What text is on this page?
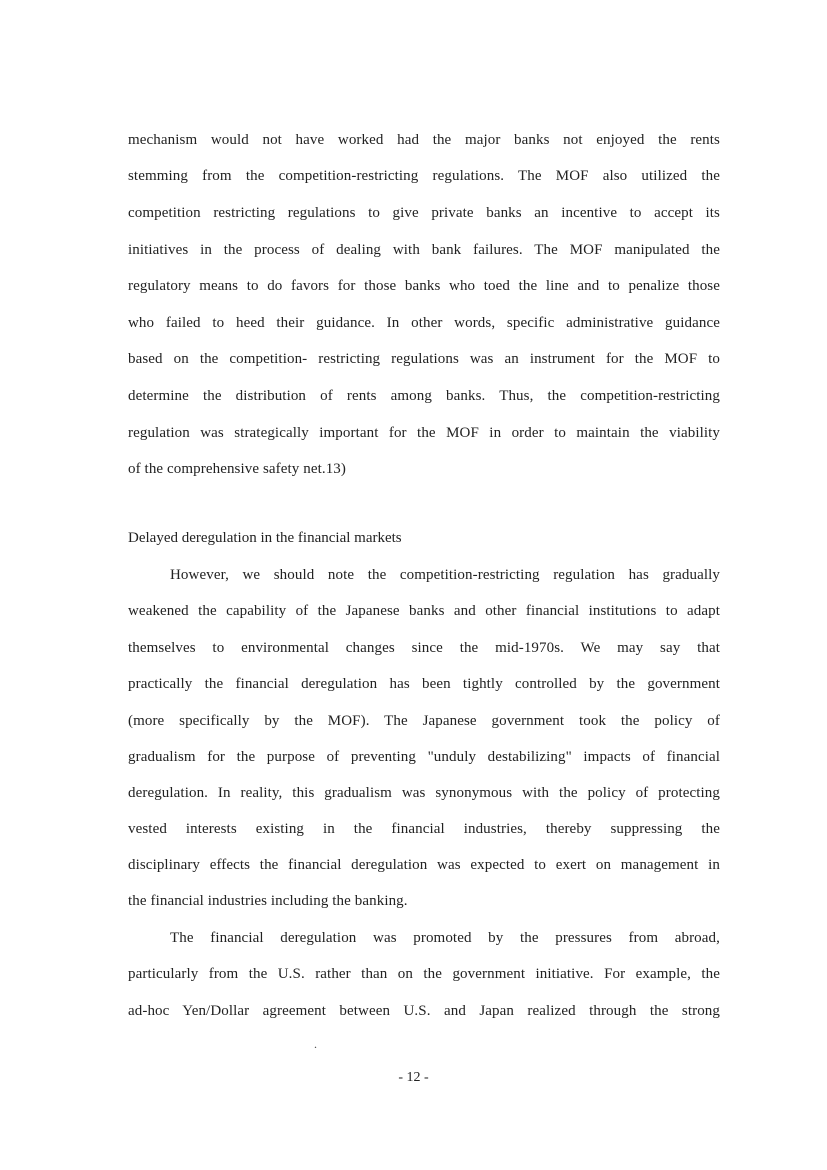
mechanism would not have worked had the major banks not enjoyed the rents
stemming from the competition-restricting regulations. The MOF also utilized the
competition restricting regulations to give private banks an incentive to accept its
initiatives in the process of dealing with bank failures. The MOF manipulated the
regulatory means to do favors for those banks who toed the line and to penalize those
who failed to heed their guidance. In other words, specific administrative guidance
based on the competition- restricting regulations was an instrument for the MOF to
determine the distribution of rents among banks. Thus, the competition-restricting
regulation was strategically important for the MOF in order to maintain the viability
of the comprehensive safety net.13)
Delayed deregulation in the financial markets
However, we should note the competition-restricting regulation has gradually
weakened the capability of the Japanese banks and other financial institutions to adapt
themselves to environmental changes since the mid-1970s. We may say that
practically the financial deregulation has been tightly controlled by the government
(more specifically by the MOF). The Japanese government took the policy of
gradualism for the purpose of preventing "unduly destabilizing" impacts of financial
deregulation. In reality, this gradualism was synonymous with the policy of protecting
vested interests existing in the financial industries, thereby suppressing the
disciplinary effects the financial deregulation was expected to exert on management in
the financial industries including the banking.
The financial deregulation was promoted by the pressures from abroad,
particularly from the U.S. rather than on the government initiative. For example, the
ad-hoc Yen/Dollar agreement between U.S. and Japan realized through the strong
.
- 12 -
